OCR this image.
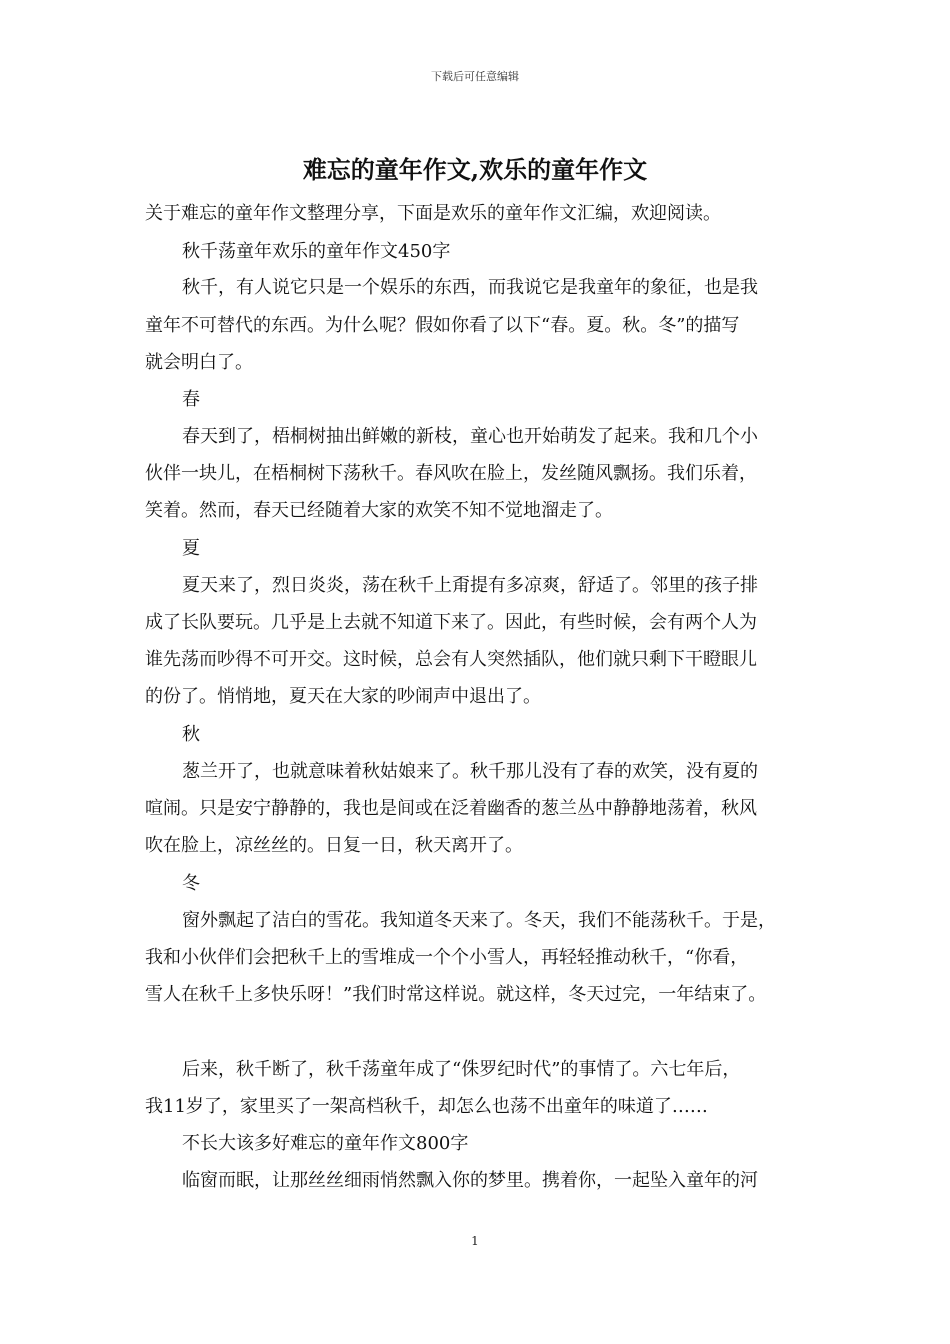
下载后可任意编辑
难忘的童年作文,欢乐的童年作文
关于难忘的童年作文整理分享，下面是欢乐的童年作文汇编，欢迎阅读。
秋千荡童年欢乐的童年作文450字
秋千，有人说它只是一个娱乐的东西，而我说它是我童年的象征，也是我
童年不可替代的东西。为什么呢？假如你看了以下“春。夏。秋。冬”的描写
就会明白了。
春
春天到了，梧桐树抽出鲜嫩的新枝，童心也开始萌发了起来。我和几个小
伙伴一块儿，在梧桐树下荡秋千。春风吹在脸上，发丝随风飘扬。我们乐着，
笑着。然而，春天已经随着大家的欢笑不知不觉地溜走了。
夏
夏天来了，烈日炎炎，荡在秋千上甭提有多凉爽，舒适了。邻里的孩子排
成了长队要玩。几乎是上去就不知道下来了。因此，有些时候，会有两个人为
谁先荡而吵得不可开交。这时候，总会有人突然插队，他们就只剩下干瞪眼儿
的份了。悄悄地，夏天在大家的吵闹声中退出了。
秋
葱兰开了，也就意味着秋姑娘来了。秋千那儿没有了春的欢笑，没有夏的
喧闹。只是安宁静静的，我也是间或在泛着幽香的葱兰丛中静静地荡着，秋风
吹在脸上，凉丝丝的。日复一日，秋天离开了。
冬
窗外飘起了洁白的雪花。我知道冬天来了。冬天，我们不能荡秋千。于是，
我和小伙伴们会把秋千上的雪堆成一个个小雪人，再轻轻推动秋千，“你看，
雪人在秋千上多快乐呀！”我们时常这样说。就这样，冬天过完，一年结束了。
后来，秋千断了，秋千荡童年成了“侏罗纪时代”的事情了。六七年后，
我11岁了，家里买了一架高档秋千，却怎么也荡不出童年的味道了……
不长大该多好难忘的童年作文800字
临窗而眠，让那丝丝细雨悄然飘入你的梦里。携着你，一起坠入童年的河
1
